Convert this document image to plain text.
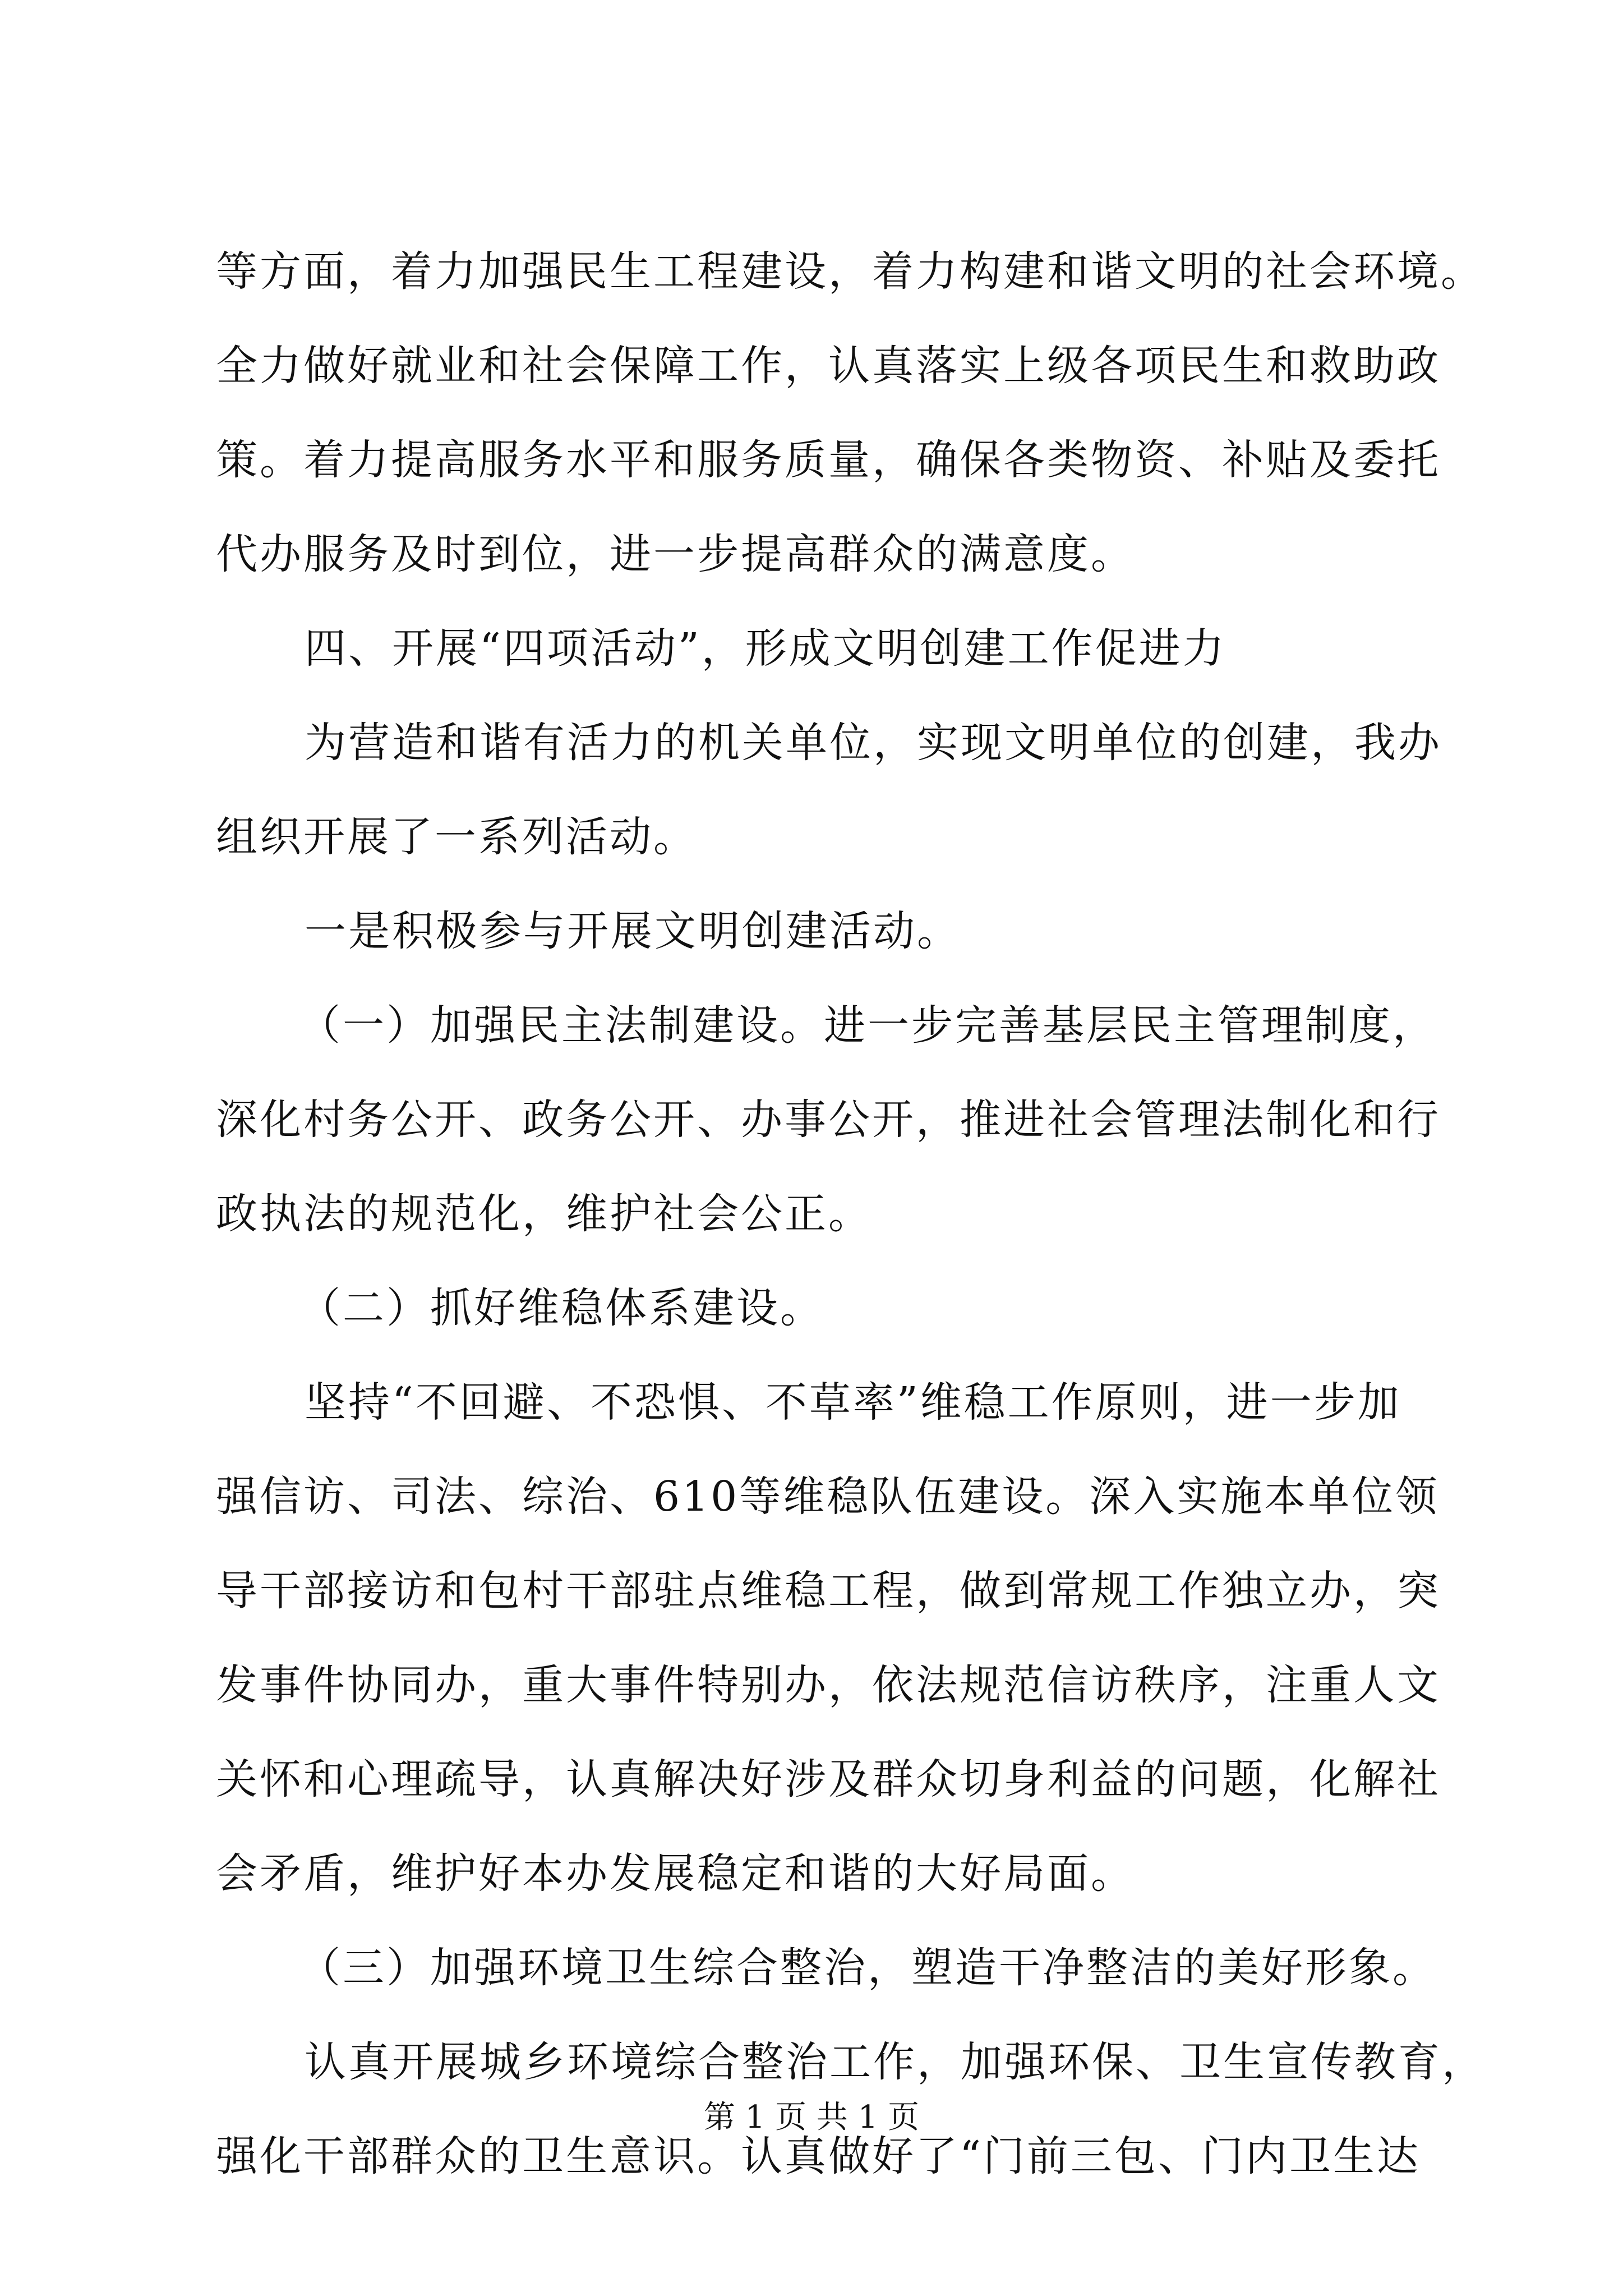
等方面，着力加强民生工程建设，着力构建和谐文明的社会环境。
全力做好就业和社会保障工作，认真落实上级各项民生和救助政
策。着力提高服务水平和服务质量，确保各类物资、补贴及委托
代办服务及时到位，进一步提高群众的满意度。
四、开展“四项活动”，形成文明创建工作促进力
为营造和谐有活力的机关单位，实现文明单位的创建，我办
组织开展了一系列活动。
一是积极参与开展文明创建活动。
（一）加强民主法制建设。进一步完善基层民主管理制度，
深化村务公开、政务公开、办事公开，推进社会管理法制化和行
政执法的规范化，维护社会公正。
（二）抓好维稳体系建设。
坚持“不回避、不恐惧、不草率”维稳工作原则，进一步加
强信访、司法、综治、610等维稳队伍建设。深入实施本单位领
导干部接访和包村干部驻点维稳工程，做到常规工作独立办，突
发事件协同办，重大事件特别办，依法规范信访秩序，注重人文
关怀和心理疏导，认真解决好涉及群众切身利益的问题，化解社
会矛盾，维护好本办发展稳定和谐的大好局面。
（三）加强环境卫生综合整治，塑造干净整洁的美好形象。
认真开展城乡环境综合整治工作，加强环保、卫生宣传教育，
强化干部群众的卫生意识。认真做好了“门前三包、门内卫生达
第 1 页 共 1 页
